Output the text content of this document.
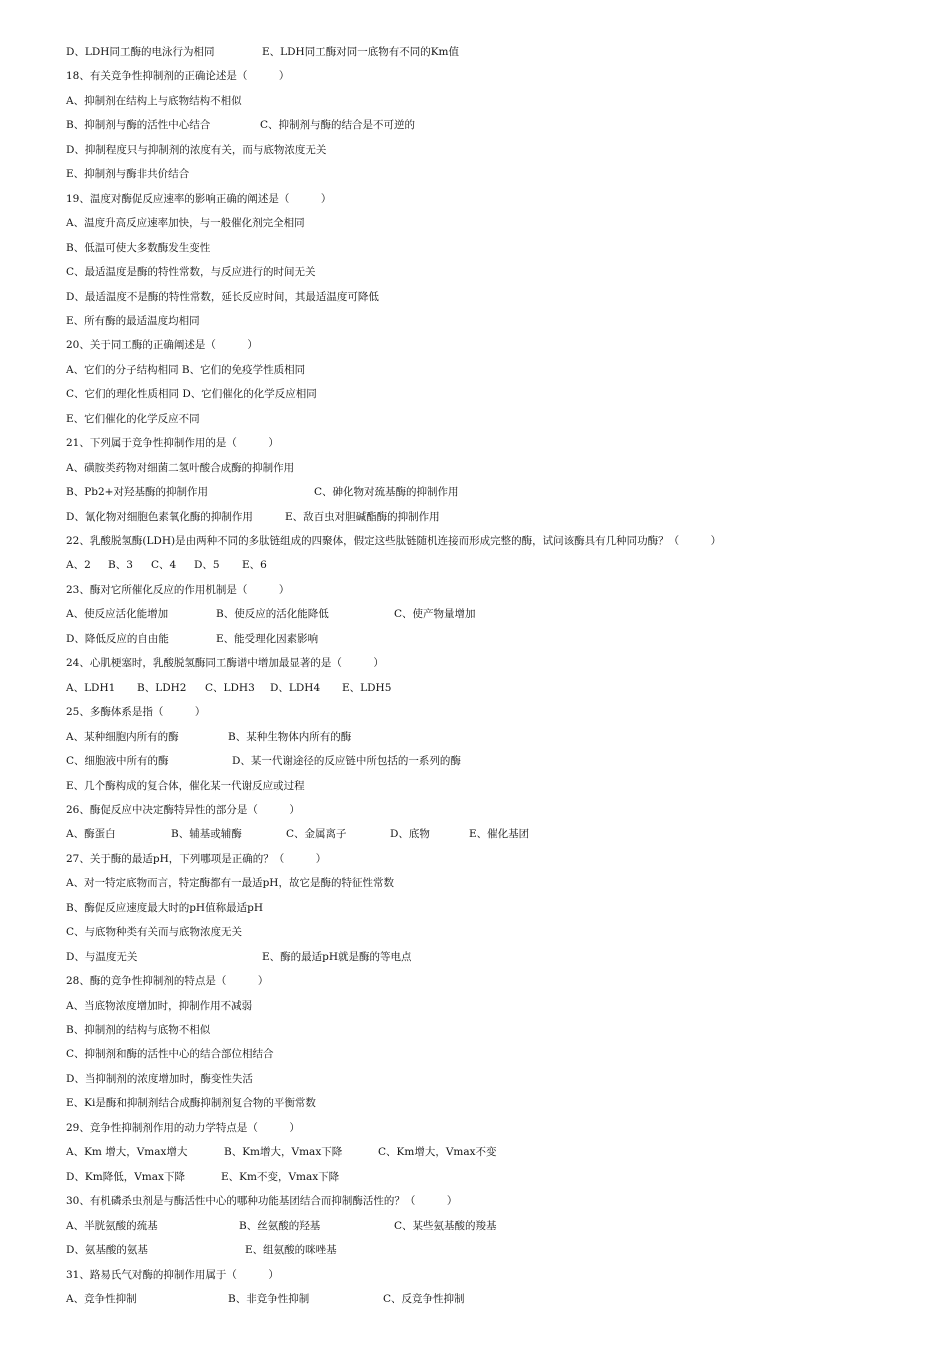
D、LDH同工酶的电泳行为相同	E、LDH同工酶对同一底物有不同的Km值
18、有关竞争性抑制剂的正确论述是（　　　）
A、抑制剂在结构上与底物结构不相似
B、抑制剂与酶的活性中心结合	C、抑制剂与酶的结合是不可逆的
D、抑制程度只与抑制剂的浓度有关，而与底物浓度无关
E、抑制剂与酶非共价结合
19、温度对酶促反应速率的影响正确的阐述是（　　　）
A、温度升高反应速率加快，与一般催化剂完全相同
B、低温可使大多数酶发生变性
C、最适温度是酶的特性常数，与反应进行的时间无关
D、最适温度不是酶的特性常数，延长反应时间，其最适温度可降低
E、所有酶的最适温度均相同
20、关于同工酶的正确阐述是（　　　）
A、它们的分子结构相同 B、它们的免疫学性质相同
C、它们的理化性质相同 D、它们催化的化学反应相同
E、它们催化的化学反应不同
21、下列属于竞争性抑制作用的是（　　　）
A、磺胺类药物对细菌二氢叶酸合成酶的抑制作用
B、Pb2+对羟基酶的抑制作用	C、砷化物对巯基酶的抑制作用
D、氰化物对细胞色素氧化酶的抑制作用	E、敌百虫对胆碱酯酶的抑制作用
22、乳酸脱氢酶(LDH)是由两种不同的多肽链组成的四聚体，假定这些肽链随机连接而形成完整的酶，试问该酶具有几种同功酶？（　　　）
A、2 B、3 C、4 D、5 E、6
23、酶对它所催化反应的作用机制是（　　　）
A、使反应活化能增加	B、使反应的活化能降低	C、使产物量增加
D、降低反应的自由能	E、能受理化因素影响
24、心肌梗塞时，乳酸脱氢酶同工酶谱中增加最显著的是（　　　）
A、LDH1 B、LDH2 C、LDH3 D、LDH4 E、LDH5
25、多酶体系是指（　　　）
A、某种细胞内所有的酶	B、某种生物体内所有的酶
C、细胞液中所有的酶	D、某一代谢途径的反应链中所包括的一系列的酶
E、几个酶构成的复合体，催化某一代谢反应或过程
26、酶促反应中决定酶特异性的部分是（　　　）
A、酶蛋白	B、辅基或辅酶	C、金属离子	D、底物	E、催化基团
27、关于酶的最适pH，下列哪项是正确的？（　　　）
A、对一特定底物而言，特定酶都有一最适pH，故它是酶的特征性常数
B、酶促反应速度最大时的pH值称最适pH
C、与底物种类有关而与底物浓度无关
D、与温度无关	E、酶的最适pH就是酶的等电点
28、酶的竞争性抑制剂的特点是（　　　）
A、当底物浓度增加时，抑制作用不减弱
B、抑制剂的结构与底物不相似
C、抑制剂和酶的活性中心的结合部位相结合
D、当抑制剂的浓度增加时，酶变性失活
E、Ki是酶和抑制剂结合成酶抑制剂复合物的平衡常数
29、竞争性抑制剂作用的动力学特点是（　　　）
A、Km 增大，Vmax增大	B、Km增大，Vmax下降	C、Km增大，Vmax不变
D、Km降低，Vmax下降	E、Km不变，Vmax下降
30、有机磷杀虫剂是与酶活性中心的哪种功能基团结合而抑制酶活性的？（　　　）
A、半胱氨酸的巯基	B、丝氨酸的羟基	C、某些氨基酸的羧基
D、氨基酸的氨基	E、组氨酸的咪唑基
31、路易氏气对酶的抑制作用属于（　　　）
A、竞争性抑制	B、非竞争性抑制	C、反竞争性抑制
